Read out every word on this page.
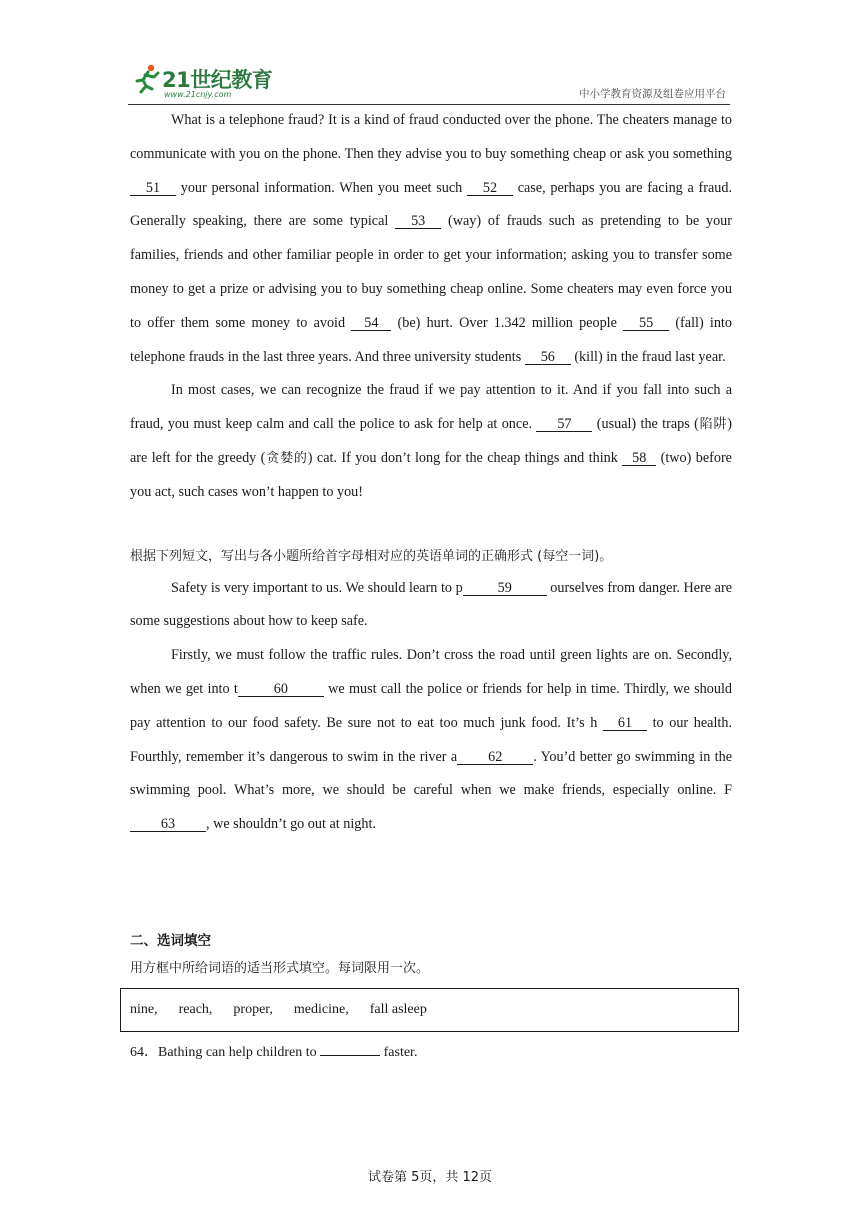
21世纪教育
www.21cnjy.com	中小学教育资源及组卷应用平台

What is a telephone fraud? It is a kind of fraud conducted over the phone. The cheaters manage to communicate with you on the phone. Then they advise you to buy something cheap or ask you something 51 your personal information. When you meet such 52 case, perhaps you are facing a fraud. Generally speaking, there are some typical 53 (way) of frauds such as pretending to be your families, friends and other familiar people in order to get your information; asking you to transfer some money to get a prize or advising you to buy something cheap online. Some cheaters may even force you to offer them some money to avoid 54 (be) hurt. Over 1.342 million people 55 (fall) into telephone frauds in the last three years. And three university students 56 (kill) in the fraud last year.

In most cases, we can recognize the fraud if we pay attention to it. And if you fall into such a fraud, you must keep calm and call the police to ask for help at once. 57 (usual) the traps (陷阱) are left for the greedy (贪婪的) cat. If you don’t long for the cheap things and think 58 (two) before you act, such cases won’t happen to you!

根据下列短文，写出与各小题所给首字母相对应的英语单词的正确形式 (每空一词)。

Safety is very important to us. We should learn to p 59 ourselves from danger. Here are some suggestions about how to keep safe.

Firstly, we must follow the traffic rules. Don’t cross the road until green lights are on. Secondly, when we get into t	60	we must call the police or friends for help in time. Thirdly, we should pay attention to our food safety. Be sure not to eat too much junk food. It’s h 61 to our health. Fourthly, remember it’s dangerous to swim in the river a 62 . You’d better go swimming in the swimming pool. What’s more, we should be careful when we make friends, especially online. F63 , we shouldn’t go out at night.

二、选词填空
用方框中所给词语的适当形式填空。每词限用一次。
nine, reach, proper, medicine, fall asleep

64．Bathing can help children to	faster.

试卷第 5页，共 12页
